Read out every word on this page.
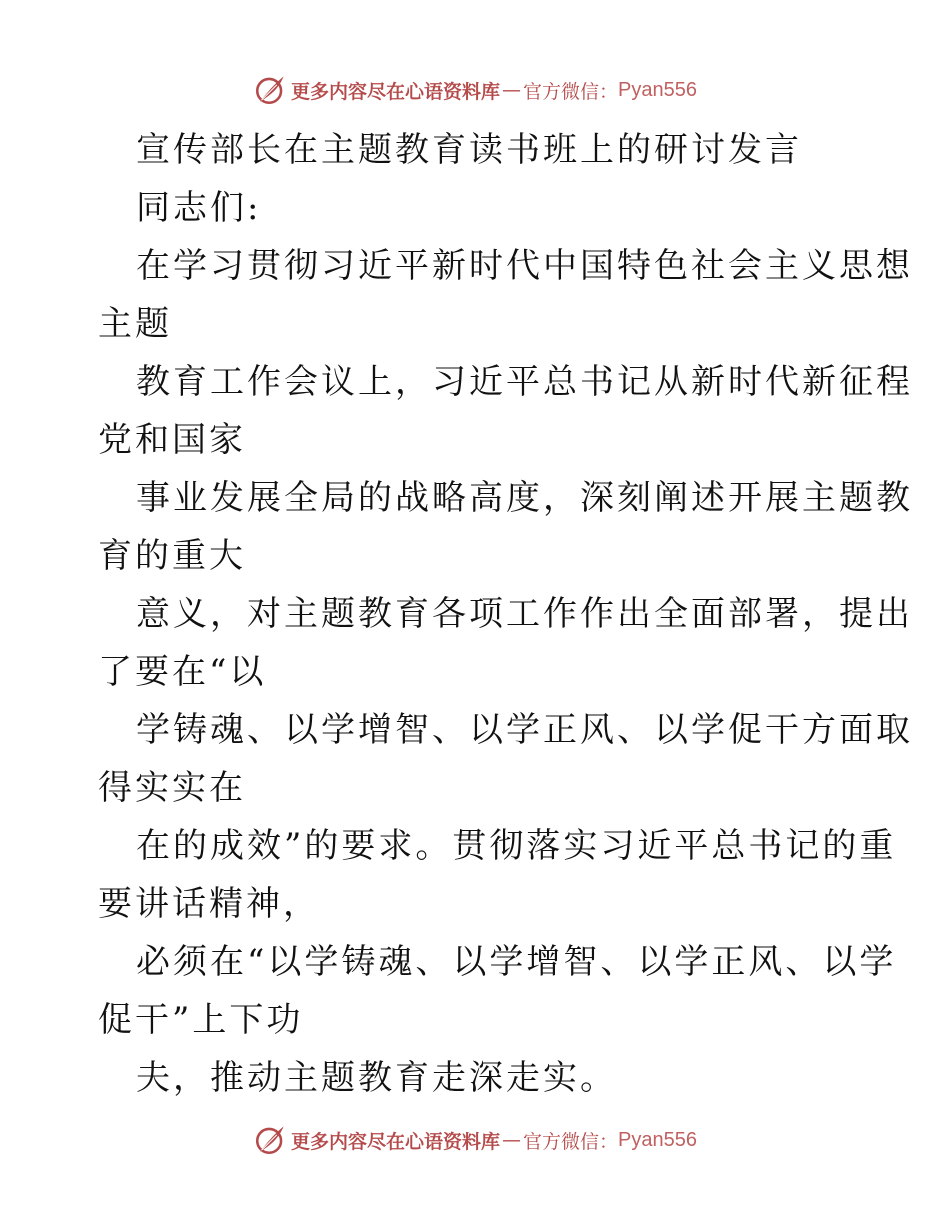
更多内容尽在心语资料库 — 官方微信： Pyan556
宣传部长在主题教育读书班上的研讨发言
同志们:
在学习贯彻习近平新时代中国特色社会主义思想
主题
教育工作会议上，习近平总书记从新时代新征程
党和国家
事业发展全局的战略高度，深刻阐述开展主题教
育的重大
意义，对主题教育各项工作作出全面部署，提出
了要在“以
学铸魂、以学增智、以学正风、以学促干方面取
得实实在
在的成效”的要求。贯彻落实习近平总书记的重
要讲话精神，
必须在“以学铸魂、以学增智、以学正风、以学
促干”上下功
夫，推动主题教育走深走实。
更多内容尽在心语资料库 — 官方微信： Pyan556
